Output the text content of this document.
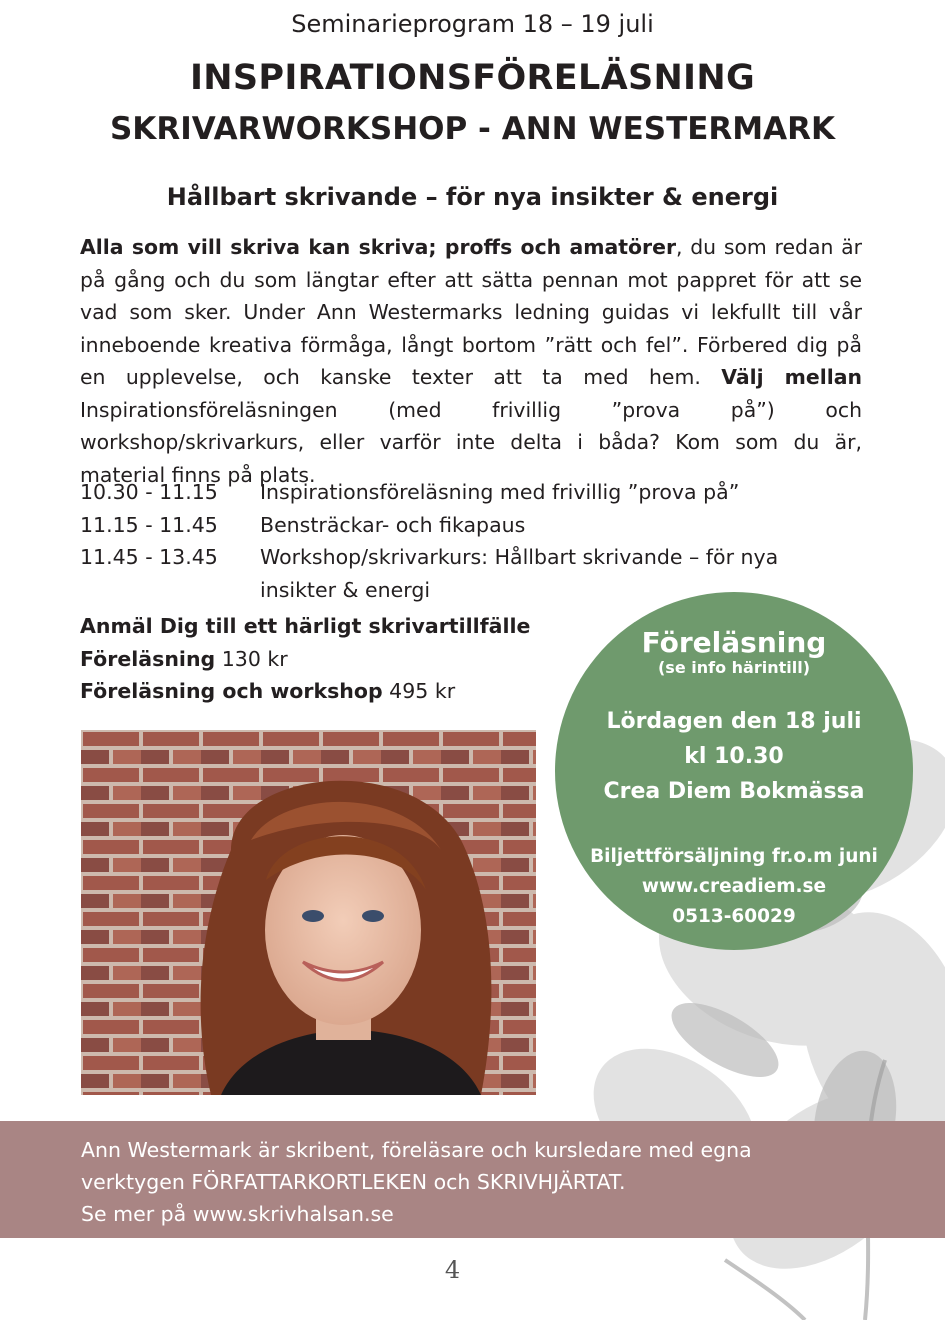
Seminarieprogram 18 – 19 juli
INSPIRATIONSFÖRELÄSNING
SKRIVARWORKSHOP - ANN WESTERMARK
Hållbart skrivande – för nya insikter & energi

Alla som vill skriva kan skriva; proffs och amatörer, du som redan är på gång och du som längtar efter att sätta pennan mot pappret för att se vad som sker. Under Ann Westermarks ledning guidas vi lekfullt till vår inneboende kreativa förmåga, långt bortom ”rätt och fel”. Förbered dig på en upplevelse, och kanske texter att ta med hem. Välj mellan Inspirationsföreläsningen (med frivillig ”prova på”) och workshop/skrivarkurs, eller varför inte delta i båda? Kom som du är, material finns på plats.

10.30 - 11.15	Inspirationsföreläsning med frivillig ”prova på”
11.15 - 11.45	Bensträckar- och fikapaus
11.45 - 13.45	Workshop/skrivarkurs: Hållbart skrivande – för nya insikter & energi
Anmäl Dig till ett härligt skrivartillfälle
Föreläsning 130 kr
Föreläsning och workshop 495 kr
Föreläsning
(se info härintill)
Lördagen den 18 juli
kl 10.30
Crea Diem Bokmässa
Biljettförsäljning fr.o.m juni
www.creadiem.se
0513-60029
Ann Westermark är skribent, föreläsare och kursledare med egna
verktygen FÖRFATTARKORTLEKEN och SKRIVHJÄRTAT.
Se mer på www.skrivhalsan.se
4
